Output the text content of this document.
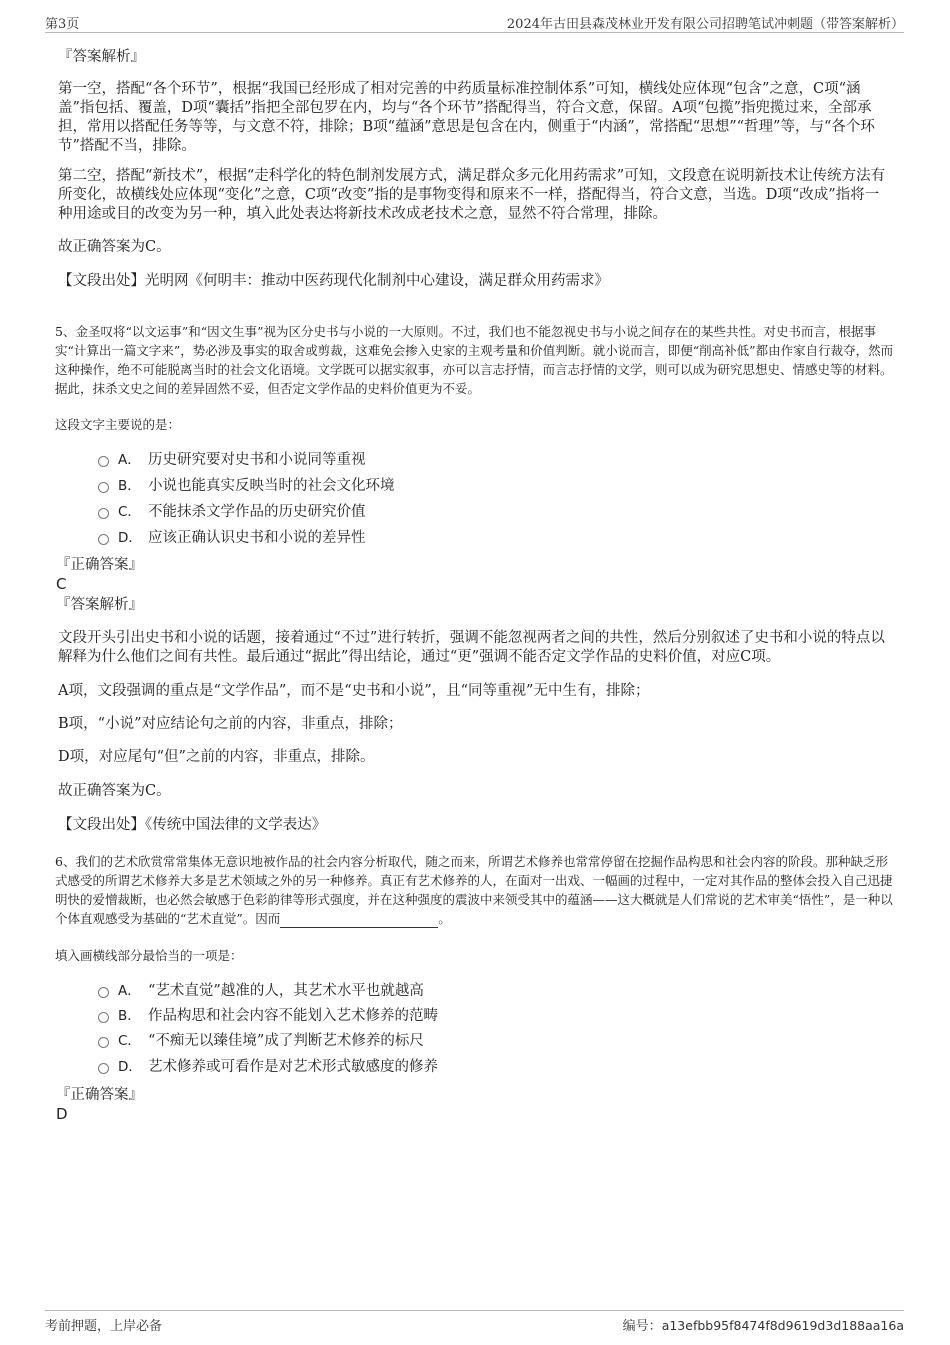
第3页	2024年古田县森茂林业开发有限公司招聘笔试冲刺题（带答案解析）

『答案解析』

第一空，搭配“各个环节”，根据“我国已经形成了相对完善的中药质量标准控制体系”可知，横线处应体现“包含”之意，C项“涵盖”指包括、覆盖，D项“囊括”指把全部包罗在内，均与“各个环节”搭配得当，符合文意，保留。A项“包揽”指兜揽过来，全部承担，常用以搭配任务等等，与文意不符，排除；B项“蕴涵”意思是包含在内，侧重于“内涵”，常搭配“思想”“哲理”等，与“各个环节”搭配不当，排除。

第二空，搭配“新技术”，根据“走科学化的特色制剂发展方式，满足群众多元化用药需求”可知，文段意在说明新技术让传统方法有所变化，故横线处应体现“变化”之意，C项“改变”指的是事物变得和原来不一样，搭配得当，符合文意，当选。D项“改成”指将一种用途或目的改变为另一种，填入此处表达将新技术改成老技术之意，显然不符合常理，排除。

故正确答案为C。

【文段出处】光明网《何明丰：推动中医药现代化制剂中心建设，满足群众用药需求》

5、金圣叹将“以文运事”和“因文生事”视为区分史书与小说的一大原则。不过，我们也不能忽视史书与小说之间存在的某些共性。对史书而言，根据事实“计算出一篇文字来”，势必涉及事实的取舍或剪裁，这难免会掺入史家的主观考量和价值判断。就小说而言，即便“削高补低”都由作家自行裁夺，然而这种操作，绝不可能脱离当时的社会文化语境。文学既可以据实叙事，亦可以言志抒情，而言志抒情的文学，则可以成为研究思想史、情感史等的材料。据此，抹杀文史之间的差异固然不妥，但否定文学作品的史料价值更为不妥。

这段文字主要说的是：

A． 历史研究要对史书和小说同等重视
B． 小说也能真实反映当时的社会文化环境
C． 不能抹杀文学作品的历史研究价值
D． 应该正确认识史书和小说的差异性

『正确答案』

C

『答案解析』

文段开头引出史书和小说的话题，接着通过“不过”进行转折，强调不能忽视两者之间的共性，然后分别叙述了史书和小说的特点以解释为什么他们之间有共性。最后通过“据此”得出结论，通过“更”强调不能否定文学作品的史料价值，对应C项。

A项，文段强调的重点是“文学作品”，而不是“史书和小说”，且“同等重视”无中生有，排除；

B项，“小说”对应结论句之前的内容，非重点，排除；

D项，对应尾句“但”之前的内容，非重点，排除。

故正确答案为C。

【文段出处】《传统中国法律的文学表达》

6、我们的艺术欣赏常常集体无意识地被作品的社会内容分析取代，随之而来，所谓艺术修养也常常停留在挖掘作品构思和社会内容的阶段。那种缺乏形式感受的所谓艺术修养大多是艺术领域之外的另一种修养。真正有艺术修养的人，在面对一出戏、一幅画的过程中，一定对其作品的整体会投入自己迅捷明快的爱憎裁断，也必然会敏感于色彩韵律等形式强度，并在这种强度的震波中来领受其中的蕴涵——这大概就是人们常说的艺术审美“悟性”，是一种以个体直观感受为基础的“艺术直觉”。因而	。

填入画横线部分最恰当的一项是：

A． “艺术直觉”越准的人，其艺术水平也就越高
B． 作品构思和社会内容不能划入艺术修养的范畴
C． “不痴无以臻佳境”成了判断艺术修养的标尺
D． 艺术修养或可看作是对艺术形式敏感度的修养

『正确答案』

D

考前押题，上岸必备	编号：a13efbb95f8474f8d9619d3d188aa16a
